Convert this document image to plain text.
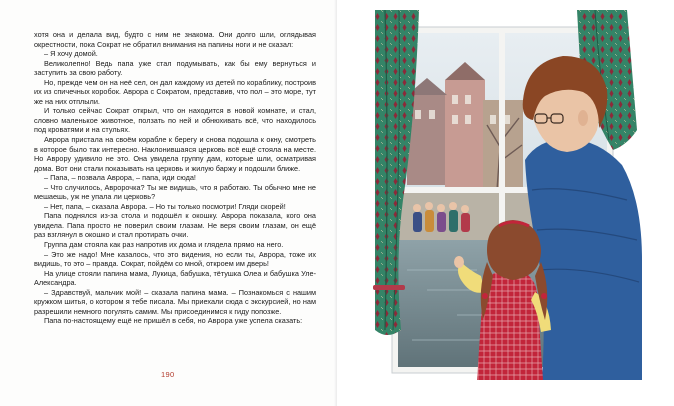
хотя она и делала вид, будто с ним не знакома. Они долго шли, оглядывая окрестности, пока Сократ не обратил внимания на папины ноги и не сказал:

– Я хочу домой.

Великолепно! Ведь папа уже стал подумывать, как бы ему вернуться и заступить за свою работу.

Но, прежде чем он на неё сел, он дал каждому из детей по кораблику, построив их из спичечных коробок. Аврора с Сократом, представив, что пол – это море, тут же на них отплыли.

И только сейчас Сократ открыл, что он находится в новой комнате, и стал, словно маленькое животное, ползать по ней и обнюхивать всё, что находилось под кроватями и на стульях.

Аврора пристала на своём корабле к берегу и снова подошла к окну, смотреть в которое было так интересно. Наклонившаяся церковь всё ещё стояла на месте. Но Аврору удивило не это. Она увидела группу дам, которые шли, осматривая дома. Вот они стали показывать на церковь и жилую баржу и подошли ближе.

– Папа, – позвала Аврора, – папа, иди сюда!

– Что случилось, Авророчка? Ты же видишь, что я работаю. Ты обычно мне не мешаешь, уж не упала ли церковь?

– Нет, папа, – сказала Аврора. – Но ты только посмотри! Гляди скорей!

Папа поднялся из-за стола и подошёл к окошку. Аврора показала, кого она увидела. Папа просто не поверил своим глазам. Не веря своим глазам, он ещё раз взглянул в окошко и стал протирать очки.

Группа дам стояла как раз напротив их дома и глядела прямо на него.

– Это же надо! Мне казалось, что это видения, но если ты, Аврора, тоже их видишь, то это – правда. Сократ, пойдём со мной, откроем им дверь!

На улице стояли папина мама, Лукица, бабушка, тётушка Олеа и бабушка Уле-Александра.

– Здравствуй, мальчик мой! – сказала папина мама. – Познакомься с нашим кружком шитья, о котором я тебе писала. Мы приехали сюда с экскурсией, но нам разрешили немного погулять самим. Мы присоединимся к гиду попозже.

Папа по-настоящему ещё не пришёл в себя, но Аврора уже успела сказать:

190
